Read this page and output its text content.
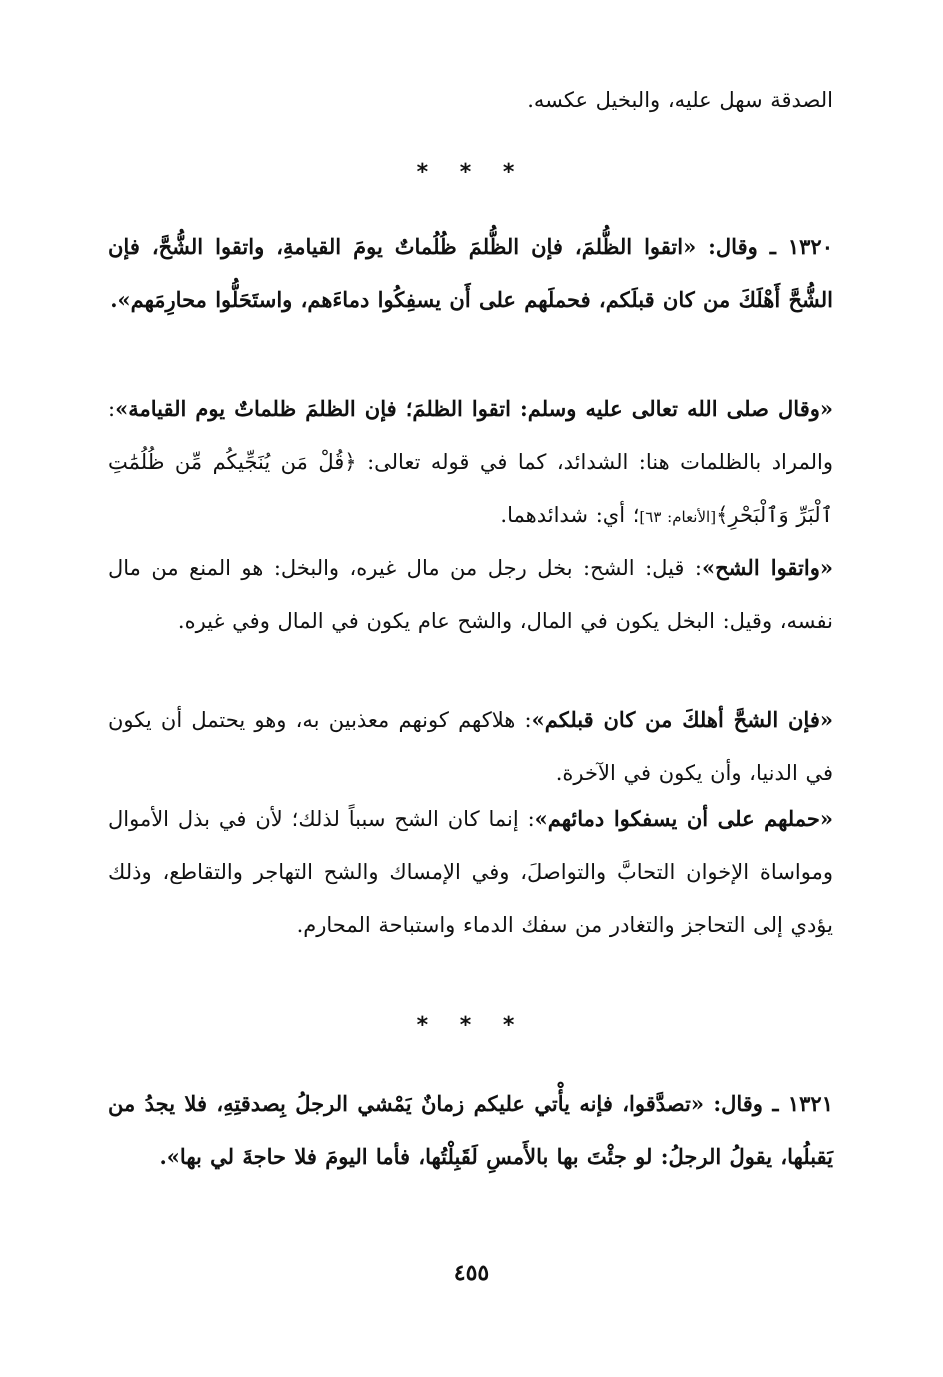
الصدقة سهل عليه، والبخيل عكسه.
* * *
١٣٢٠ ـ وقال: «اتقوا الظُّلمَ، فإن الظُّلمَ ظُلُماتٌ يومَ القيامةِ، واتقوا الشُّحَّ، فإن الشُّحَّ أَهْلَكَ من كان قبلَكم، فحملَهم على أَن يسفِكُوا دماءَهم، واستَحَلُّوا محارِمَهم».
«وقال صلى الله تعالى عليه وسلم: اتقوا الظلمَ؛ فإن الظلمَ ظلماتٌ يوم القيامة»: والمراد بالظلمات هنا: الشدائد، كما في قوله تعالى: ﴿قُلْ مَن يُنَجِّيكُم مِّن ظُلُمَٰتِ ٱلْبَرِّ وَٱلْبَحْرِ﴾[الأنعام: ٦٣]؛ أي: شدائدهما.
«واتقوا الشح»: قيل: الشح: بخل رجل من مال غيره، والبخل: هو المنع من مال نفسه، وقيل: البخل يكون في المال، والشح عام يكون في المال وفي غيره.
«فإن الشحَّ أهلكَ من كان قبلكم»: هلاكهم كونهم معذبين به، وهو يحتمل أن يكون في الدنيا، وأن يكون في الآخرة.
«حملهم على أن يسفكوا دمائهم»: إنما كان الشح سبباً لذلك؛ لأن في بذل الأموال ومواساة الإخوان التحابَّ والتواصلَ، وفي الإمساك والشح التهاجر والتقاطع، وذلك يؤدي إلى التحاجز والتغادر من سفك الدماء واستباحة المحارم.
* * *
١٣٢١ ـ وقال: «تصدَّقوا، فإنه يأْتي عليكم زمانٌ يَمْشي الرجلُ بِصدقتِهِ، فلا يجدُ من يَقبلُها، يقولُ الرجلُ: لو جئْتَ بها بالأَمسِ لَقَبِلْتُها، فأما اليومَ فلا حاجةَ لي بها».
٤٥٥
